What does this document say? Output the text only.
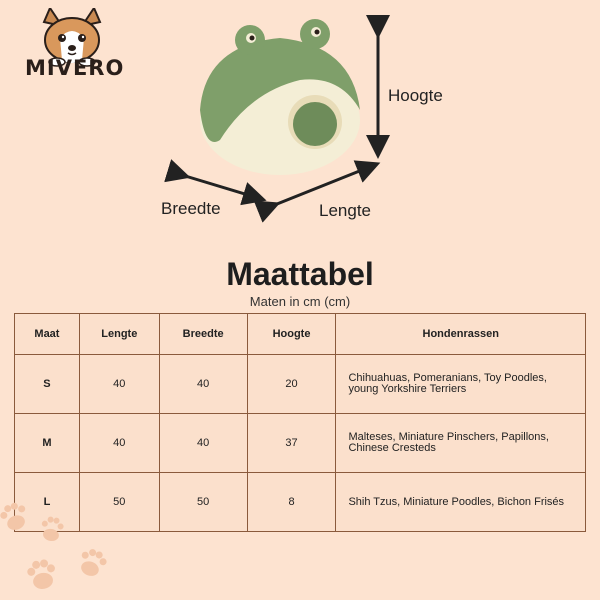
MIVERO
Hoogte
Breedte	Lengte
Maattabel
Maten in cm (cm)
Maat	Lengte	Breedte	Hoogte	Hondenrassen
S	40	40	20	Chihuahuas, Pomeranians, Toy Poodles, young Yorkshire Terriers
M	40	40	37	Malteses, Miniature Pinschers, Papillons, Chinese Cresteds
L	50	50	8	Shih Tzus, Miniature Poodles, Bichon Frisés
